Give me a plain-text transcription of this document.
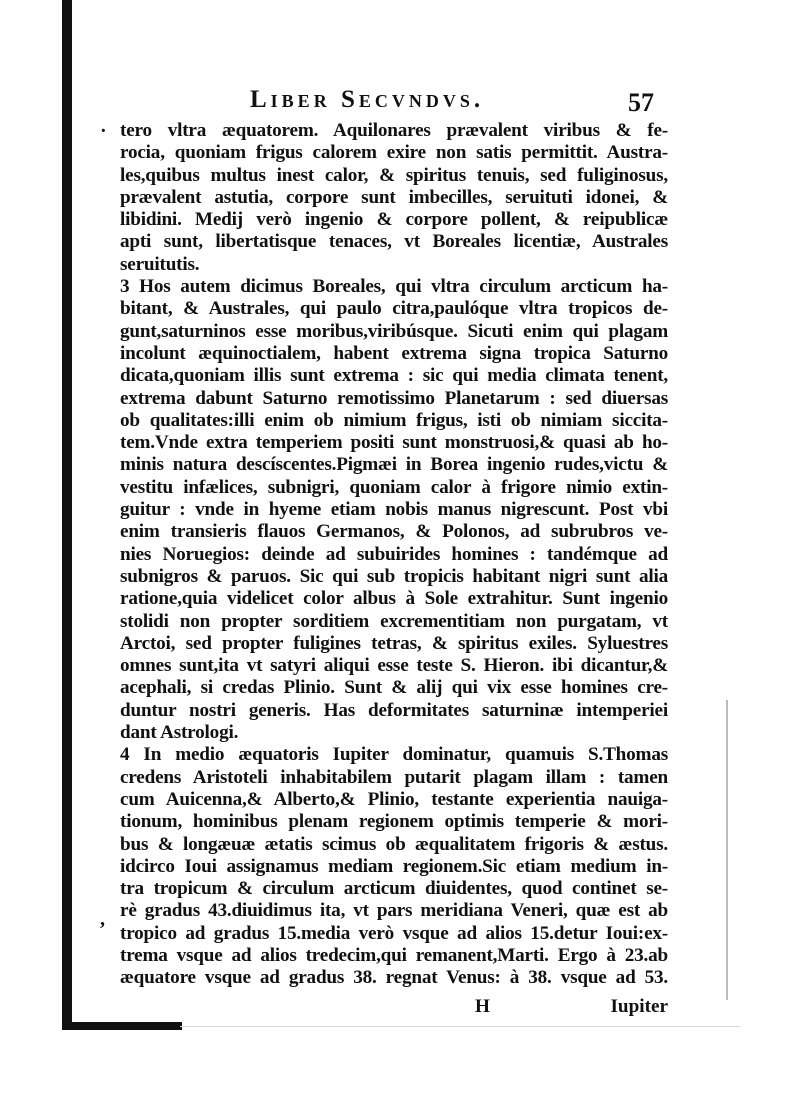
Liber Secvndvs.	57
·
,
tero vltra æquatorem. Aquilonares prævalent viribus & fe-
rocia, quoniam frigus calorem exire non satis permittit. Austra-
les,quibus multus inest calor, & spiritus tenuis, sed fuliginosus,
prævalent astutia, corpore sunt imbecilles, seruituti idonei, &
libidini. Medij verò ingenio & corpore pollent, & reipublicæ
apti sunt, libertatisque tenaces, vt Boreales licentiæ, Australes
seruitutis.
3 Hos autem dicimus Boreales, qui vltra circulum arcticum ha-
bitant, & Australes, qui paulo citra,paulóque vltra tropicos de-
gunt,saturninos esse moribus,viribúsque. Sicuti enim qui plagam
incolunt æquinoctialem, habent extrema signa tropica Saturno
dicata,quoniam illis sunt extrema : sic qui media climata tenent,
extrema dabunt Saturno remotissimo Planetarum : sed diuersas
ob qualitates:illi enim ob nimium frigus, isti ob nimiam siccita-
tem.Vnde extra temperiem positi sunt monstruosi,& quasi ab ho-
minis natura descíscentes.Pigmæi in Borea ingenio rudes,victu &
vestitu infælices, subnigri, quoniam calor à frigore nimio extin-
guitur : vnde in hyeme etiam nobis manus nigrescunt. Post vbi
enim transieris flauos Germanos, & Polonos, ad subrubros ve-
nies Noruegios: deinde ad subuirides homines : tandémque ad
subnigros & paruos. Sic qui sub tropicis habitant nigri sunt alia
ratione,quia videlicet color albus à Sole extrahitur. Sunt ingenio
stolidi non propter sorditiem excrementitiam non purgatam, vt
Arctoi, sed propter fuligines tetras, & spiritus exiles. Syluestres
omnes sunt,ita vt satyri aliqui esse teste S. Hieron. ibi dicantur,&
acephali, si credas Plinio. Sunt & alij qui vix esse homines cre-
duntur nostri generis. Has deformitates saturninæ intemperiei
dant Astrologi.
4 In medio æquatoris Iupiter dominatur, quamuis S.Thomas
credens Aristoteli inhabitabilem putarit plagam illam : tamen
cum Auicenna,& Alberto,& Plinio, testante experientia nauiga-
tionum, hominibus plenam regionem optimis temperie & mori-
bus & longæuæ ætatis scimus ob æqualitatem frigoris & æstus.
idcirco Ioui assignamus mediam regionem.Sic etiam medium in-
tra tropicum & circulum arcticum diuidentes, quod continet se-
rè gradus 43.diuidimus ita, vt pars meridiana Veneri, quæ est ab
tropico ad gradus 15.media verò vsque ad alios 15.detur Ioui:ex-
trema vsque ad alios tredecim,qui remanent,Marti. Ergo à 23.ab
æquatore vsque ad gradus 38. regnat Venus: à 38. vsque ad 53.
H	Iupiter
